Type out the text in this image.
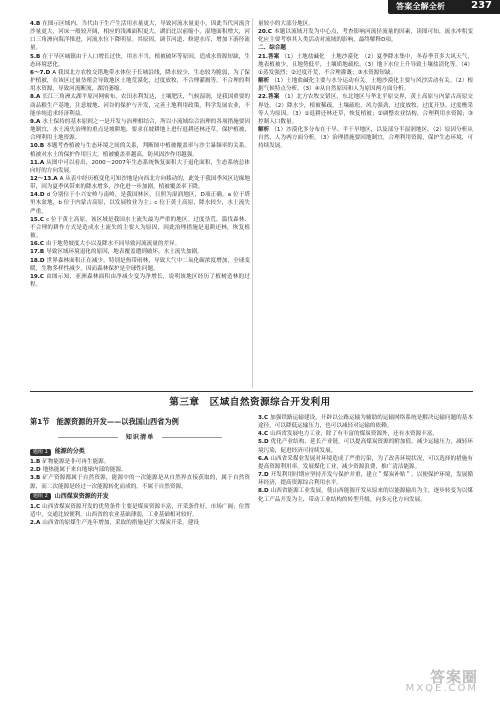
答案全解全析	237

4.B 在图示区域内，当代由于生产生活用水量更大，导致河流水量更小，因此当代河流含沙量更大，河床一般较开阔，相应的浅滩面积更大，湖泊比以前缩小，湿地面积增大，河口三角洲向海洋推进，河流水位下降明显。其原因，调节河道，修建水库，增加下游径流量。

5.B 在干旱区城镇由于人口增长过快，用水不当，植被破坏等原因，造成水资源短缺，生态环境恶化。

6～7.D A 我国北方农牧交错地带水体位于长城沿线，降水较少，生态较为脆弱，为了保护植被，在该区过量垦殖会导致地区土地荒漠化，过度放牧，不合理灌溉等。不合理的利用水资源，导致河流断流，湖泊萎缩。

8.A 长江三角洲太湖平原河网密布，农田水利发达，土壤肥沃，气候湿润，是我国重要的商品粮生产基地，注意坡地、河谷的保护与开发，完善土地利用政策，科学发展农业，不能单纯追求经济利益。

9.A 水土保持的基本原则之一是开发与治理相结合，所以小流域综合治理的各项措施要因地制宜，水土流失治理的重点是坡耕地，要求在坡耕地上进行退耕还林还草，保护植被，合理利用土地资源。

10.B 本题考查植被与生态环境之间的关系，判断图中植被覆盖率与沙尘暴频率的关系。植被对水土的保护作用巨大，植被覆盖率越高，防风固沙作用越强。

11.A 从图中可以看出，2000～2007年生态系统恢复面积大于退化面积，生态系统总体向好的方向发展。

12～13.A A 从表中经历植变化可知沙地是向西北方向移动的，此处于我国季风区边缘地带，因为夏季风带来的降水增多，沙化进一步加剧，植被覆盖率下降。

14.D d 分别位于小兴安岭与南岭，是我国林区，日照为湿润地区，D项正确。a 位于塔里木盆地，b 位于内蒙古高原，以发展牧业为主；c 位于黄土高原，降水较少，水土流失严重。

15.C c 位于黄土高原，该区域是我国水土流失最为严重的地区。过度垦荒、滥伐森林、不合理的耕作方式是造成水土流失的主要人为原因，因此治理措施是退耕还林，恢复植被。

16.C 由于地势坡度大小以及降水不同导致河流流量的差异。

17.B 导致区域环境退化的原因，地表覆盖遭到破坏，水土流失加剧。

18.D 世界森林面积正在减少，特别是热带雨林，导致大气中二氧化碳浓度增加，全球变暖，生物多样性减少，因而森林保护是全球性问题。

19.C 由图示知，亚洲森林面积由净减少变为净增长，说明该地区经历了植树造林的过程。

量较小的大部分地区。

20.C 本题以流域开发为中心点，考查影响河流径流量的因素，读图可知，流水冲积变化应主要考察其人类活动对流域的影响，最终解释D项。

二、综合题

21.答案 （1）土地盐碱化　土地沙漠化　（2）夏季降水集中，冬春季节多大风天气，地表植被少，且地势低平，土壤质地疏松。（3）地下水位上升导致土壤盐渍化等。（4）①蒸发强烈；②过度开荒，不合理灌溉；③水资源短缺。

解析 （1）土地盐碱化主要与水分运动有关，土地沙漠化主要与风沙活动有关。（2）根据气候特点分析。（3）④从自然原因和人为原因两方面分析。

22.答案 （1）北方农牧交错区，东北地区与华北平原交界，黄土高原与内蒙古高原交界处。（2）降水少，植被稀疏，土壤疏松，风力强劲，过度放牧、过度开垦、过度樵采等人为原因。（3）①退耕还林还草，恢复植被；②调整农业结构，合理利用水资源；③控制人口数量。

解析 （1）沙漠化多分布在干旱、半干旱地区，以及部分半湿润地区。（2）原因分析从自然、人为两方面分析。（3）治理措施要因地制宜，合理利用资源，保护生态环境，可持续发展。

第三章　区域自然资源综合开发利用
第1节　能源资源的开发——以我国山西省为例
知识清单
题组 1	能源的分类

1.B 矿物能源是非可再生能源。

2.D 地热能属于来自地球内部的能源。

3.B 矿产资源都属于自然资源，能源中的一次能源是从自然界直接获取的，属于自然资源，而二次能源是经过一次能源转化而成的，不属于自然资源。

题组 2	山西煤炭资源的开发

1.C 山西省煤炭资源开发的优势条件主要是煤炭资源丰富，开采条件好，市场广阔；位置适中，交通比较便利。山西省的农业基础薄弱，工业基础相对较好。

2.A 山西省的原煤生产连年增加，采取的措施是扩大煤炭开采，建设

3.C 加强铁路运输建设，开辟以公路运输为辅助的运输网络系统是解决运输问题的基本途径，可以降低运输压力，也可以减轻对运输的依赖。

4.C 山西省发展电力工业，除了有丰富的煤炭资源外，还有水资源丰富。

5.D 优化产业结构、延长产业链，可以提高煤炭资源的附加值，减少运输压力，减轻环境污染，促进经济可持续发展。

6.A 山西省采煤业发展对环境造成了严重污染，为了改善环境状况，可以选择的措施有提高资源利用率，发展煤化工业，减少资源浪费，推广清洁能源。

7.D 开发利用时期应坚持开发与保护并重，建立＂煤炭补贴＂，以便保护环境，发展循环经济，提高资源综合利用水平。

8.D 山西省能源工业发展，使山西能源开发从原来的以能源输出为主，逐步转变为以煤化工产品开发为主，带动工业结构的转型升级，向多元化方向发展。

答案圈
MXQE.COM
